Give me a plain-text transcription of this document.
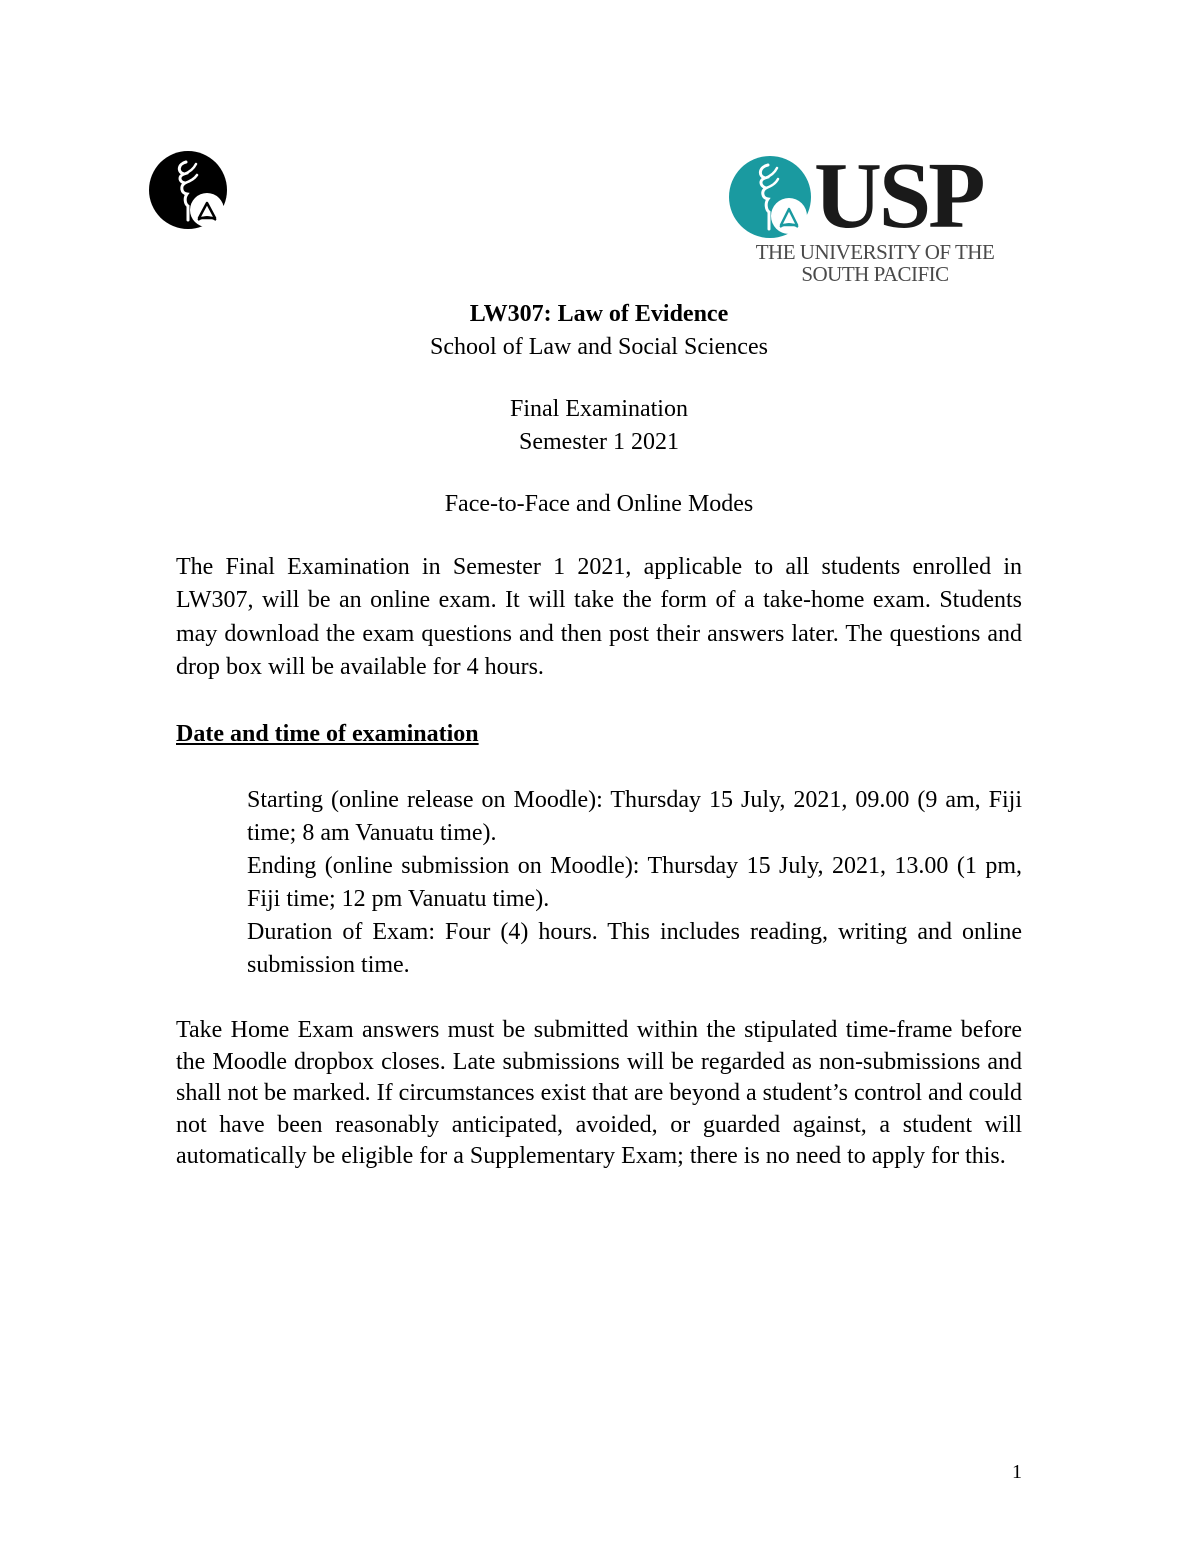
USP
THE UNIVERSITY OF THE
SOUTH PACIFIC
LW307: Law of Evidence
School of Law and Social Sciences
Final Examination
Semester 1 2021
Face-to-Face and Online Modes

The Final Examination in Semester 1 2021, applicable to all students enrolled in LW307, will be an online exam. It will take the form of a take-home exam. Students may download the exam questions and then post their answers later. The questions and drop box will be available for 4 hours.

Date and time of examination

Starting (online release on Moodle): Thursday 15 July, 2021, 09.00 (9 am, Fiji time; 8 am Vanuatu time).

Ending (online submission on Moodle): Thursday 15 July, 2021, 13.00 (1 pm, Fiji time; 12 pm Vanuatu time).

Duration of Exam: Four (4) hours. This includes reading, writing and online submission time.

Take Home Exam answers must be submitted within the stipulated time-frame before the Moodle dropbox closes. Late submissions will be regarded as non-submissions and shall not be marked. If circumstances exist that are beyond a student’s control and could not have been reasonably anticipated, avoided, or guarded against, a student will automatically be eligible for a Supplementary Exam; there is no need to apply for this.

1
